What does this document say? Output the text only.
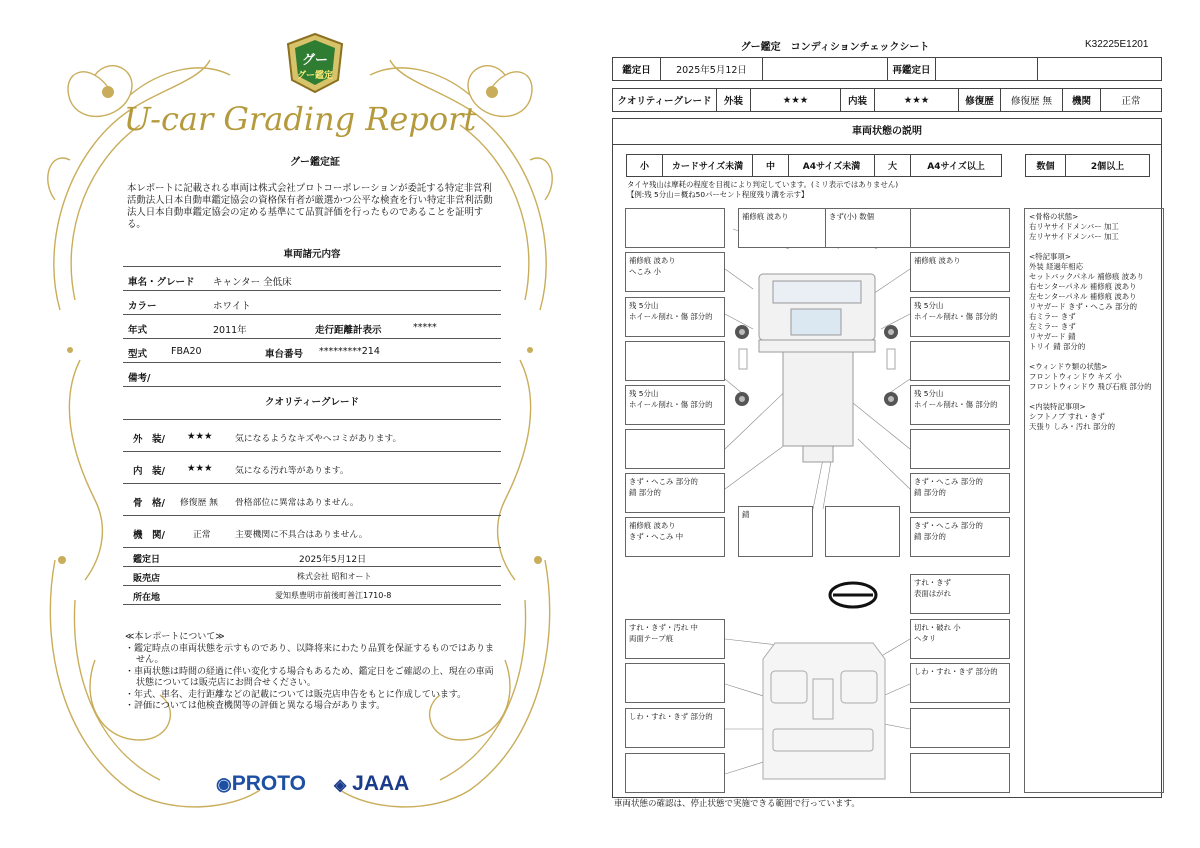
グー
グー鑑定
U-car Grading Report
グー鑑定証
本レポートに記載される車両は株式会社プロトコーポレーションが委託する特定非営利活動法人日本自動車鑑定協会の資格保有者が厳選かつ公平な検査を行い特定非営利活動法人日本自動車鑑定協会の定める基準にて品質評価を行ったものであることを証明する。
車両諸元内容
車名・グレード キャンター 全低床
カラー	ホワイト
年式	2011年	走行距離計表示	*****
型式	FBA20	車台番号 *********214
備考/
クオリティーグレード
外　装/ ★★★	気になるようなキズやヘコミがあります。
内　装/ ★★★	気になる汚れ等があります。
骨　格/ 修復歴 無 骨格部位に異常はありません。
機　関/	正常	主要機関に不具合はありません。
鑑定日	2025年5月12日
販売店	株式会社 昭和オート
所在地	愛知県豊明市前後町善江1710-8
≪本レポートについて≫
・鑑定時点の車両状態を示すものであり、以降将来にわたり品質を保証するものではありません。
・車両状態は時間の経過に伴い変化する場合もあるため、鑑定日をご確認の上、現在の車両状態については販売店にお問合せください。
・年式、車名、走行距離などの記載については販売店申告をもとに作成しています。
・評価については他検査機関等の評価と異なる場合があります。
◉PROTO ◈ JAAA
グー鑑定　コンディションチェックシート	K32225E1201
鑑定日	2025年5月12日	再鑑定日
クオリティーグレード	外装	★★★	内装	★★★	修復歴	修復歴 無	機関	正常
車両状態の説明
小	カードサイズ未満	中	A4サイズ未満	大	A4サイズ以上	数個	2個以上
タイヤ残山は摩耗の程度を目視により判定しています。(ミリ表示ではありません)
【例:残 5分山＝概ね50パーセント程度残り溝を示す】
補修痕 波あり	きず(小) 数個
補修痕 波あり
へこみ 小
補修痕 波あり
残 5分山
ホイール削れ・傷 部分的
残 5分山
ホイール削れ・傷 部分的
残 5分山
ホイール削れ・傷 部分的
残 5分山
ホイール削れ・傷 部分的
きず・へこみ 部分的
錆 部分的
きず・へこみ 部分的
錆 部分的
補修痕 波あり
きず・へこみ 中
錆
きず・へこみ 部分的
錆 部分的
すれ・きず
表面はがれ
すれ・きず・汚れ 中
両面テープ痕
切れ・破れ 小
ヘタリ
しわ・すれ・きず 部分的
しわ・すれ・きず 部分的
<骨格の状態>
右リヤサイドメンバー 加工
左リヤサイドメンバー 加工

<特記事項>
外装 経過年相応
セットバックパネル 補修痕 波あり
右センターパネル 補修痕 波あり
左センターパネル 補修痕 波あり
リヤガード きず・へこみ 部分的
右ミラー きず
左ミラー きず
リヤガード 錆
トリイ 錆 部分的

<ウィンドウ類の状態>
フロントウィンドウ キズ 小
フロントウィンドウ 飛び石痕 部分的

<内装特記事項>
シフトノブ すれ・きず
天張り しみ・汚れ 部分的
車両状態の確認は、停止状態で実施できる範囲で行っています。
